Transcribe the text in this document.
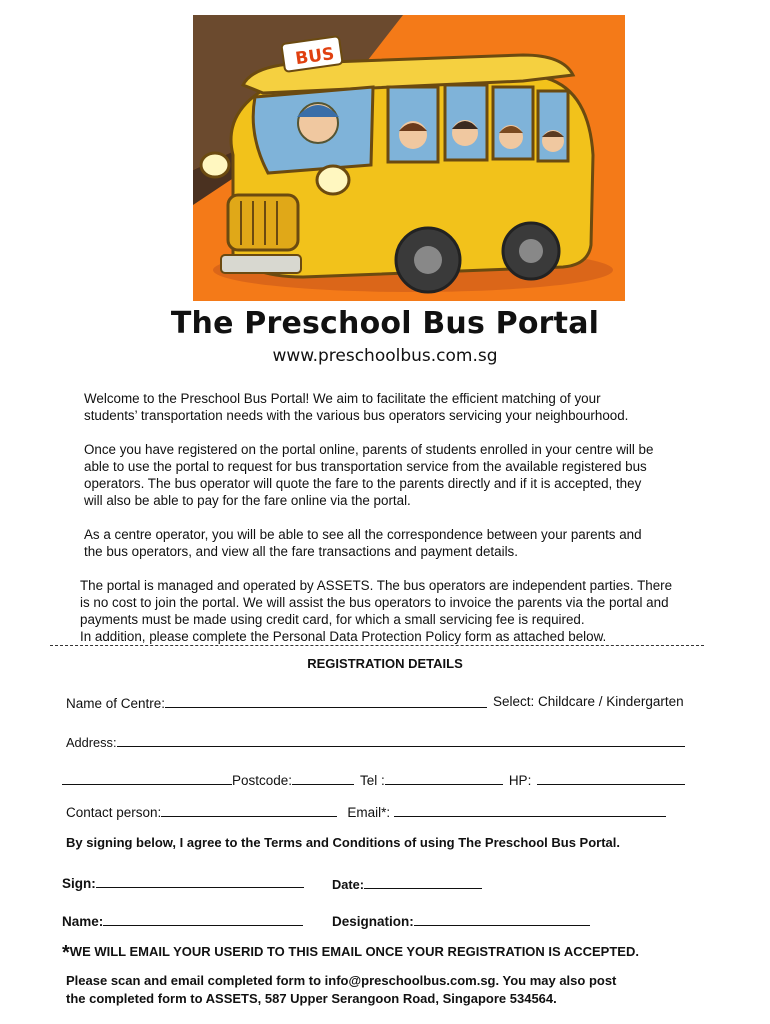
BUS
The Preschool Bus Portal
www.preschoolbus.com.sg
Welcome to the Preschool Bus Portal! We aim to facilitate the efficient matching of your
students’ transportation needs with the various bus operators servicing your neighbourhood.
Once you have registered on the portal online, parents of students enrolled in your centre will be
able to use the portal to request for bus transportation service from the available registered bus
operators. The bus operator will quote the fare to the parents directly and if it is accepted, they
will also be able to pay for the fare online via the portal.
As a centre operator, you will be able to see all the correspondence between your parents and
the bus operators, and view all the fare transactions and payment details.
The portal is managed and operated by ASSETS. The bus operators are independent parties. There
is no cost to join the portal. We will assist the bus operators to invoice the parents via the portal and
payments must be made using credit card, for which a small servicing fee is required.
In addition, please complete the Personal Data Protection Policy form as attached below.
REGISTRATION DETAILS
Name of Centre:	Select: Childcare / Kindergarten
Address:
Postcode:	Tel :	HP:
Contact person:	Email*:
By signing below, I agree to the Terms and Conditions of using The Preschool Bus Portal.
Sign:	Date:
Name:	Designation:
*WE WILL EMAIL YOUR USERID TO THIS EMAIL ONCE YOUR REGISTRATION IS ACCEPTED.
Please scan and email completed form to info@preschoolbus.com.sg. You may also post
the completed form to ASSETS, 587 Upper Serangoon Road, Singapore 534564.
